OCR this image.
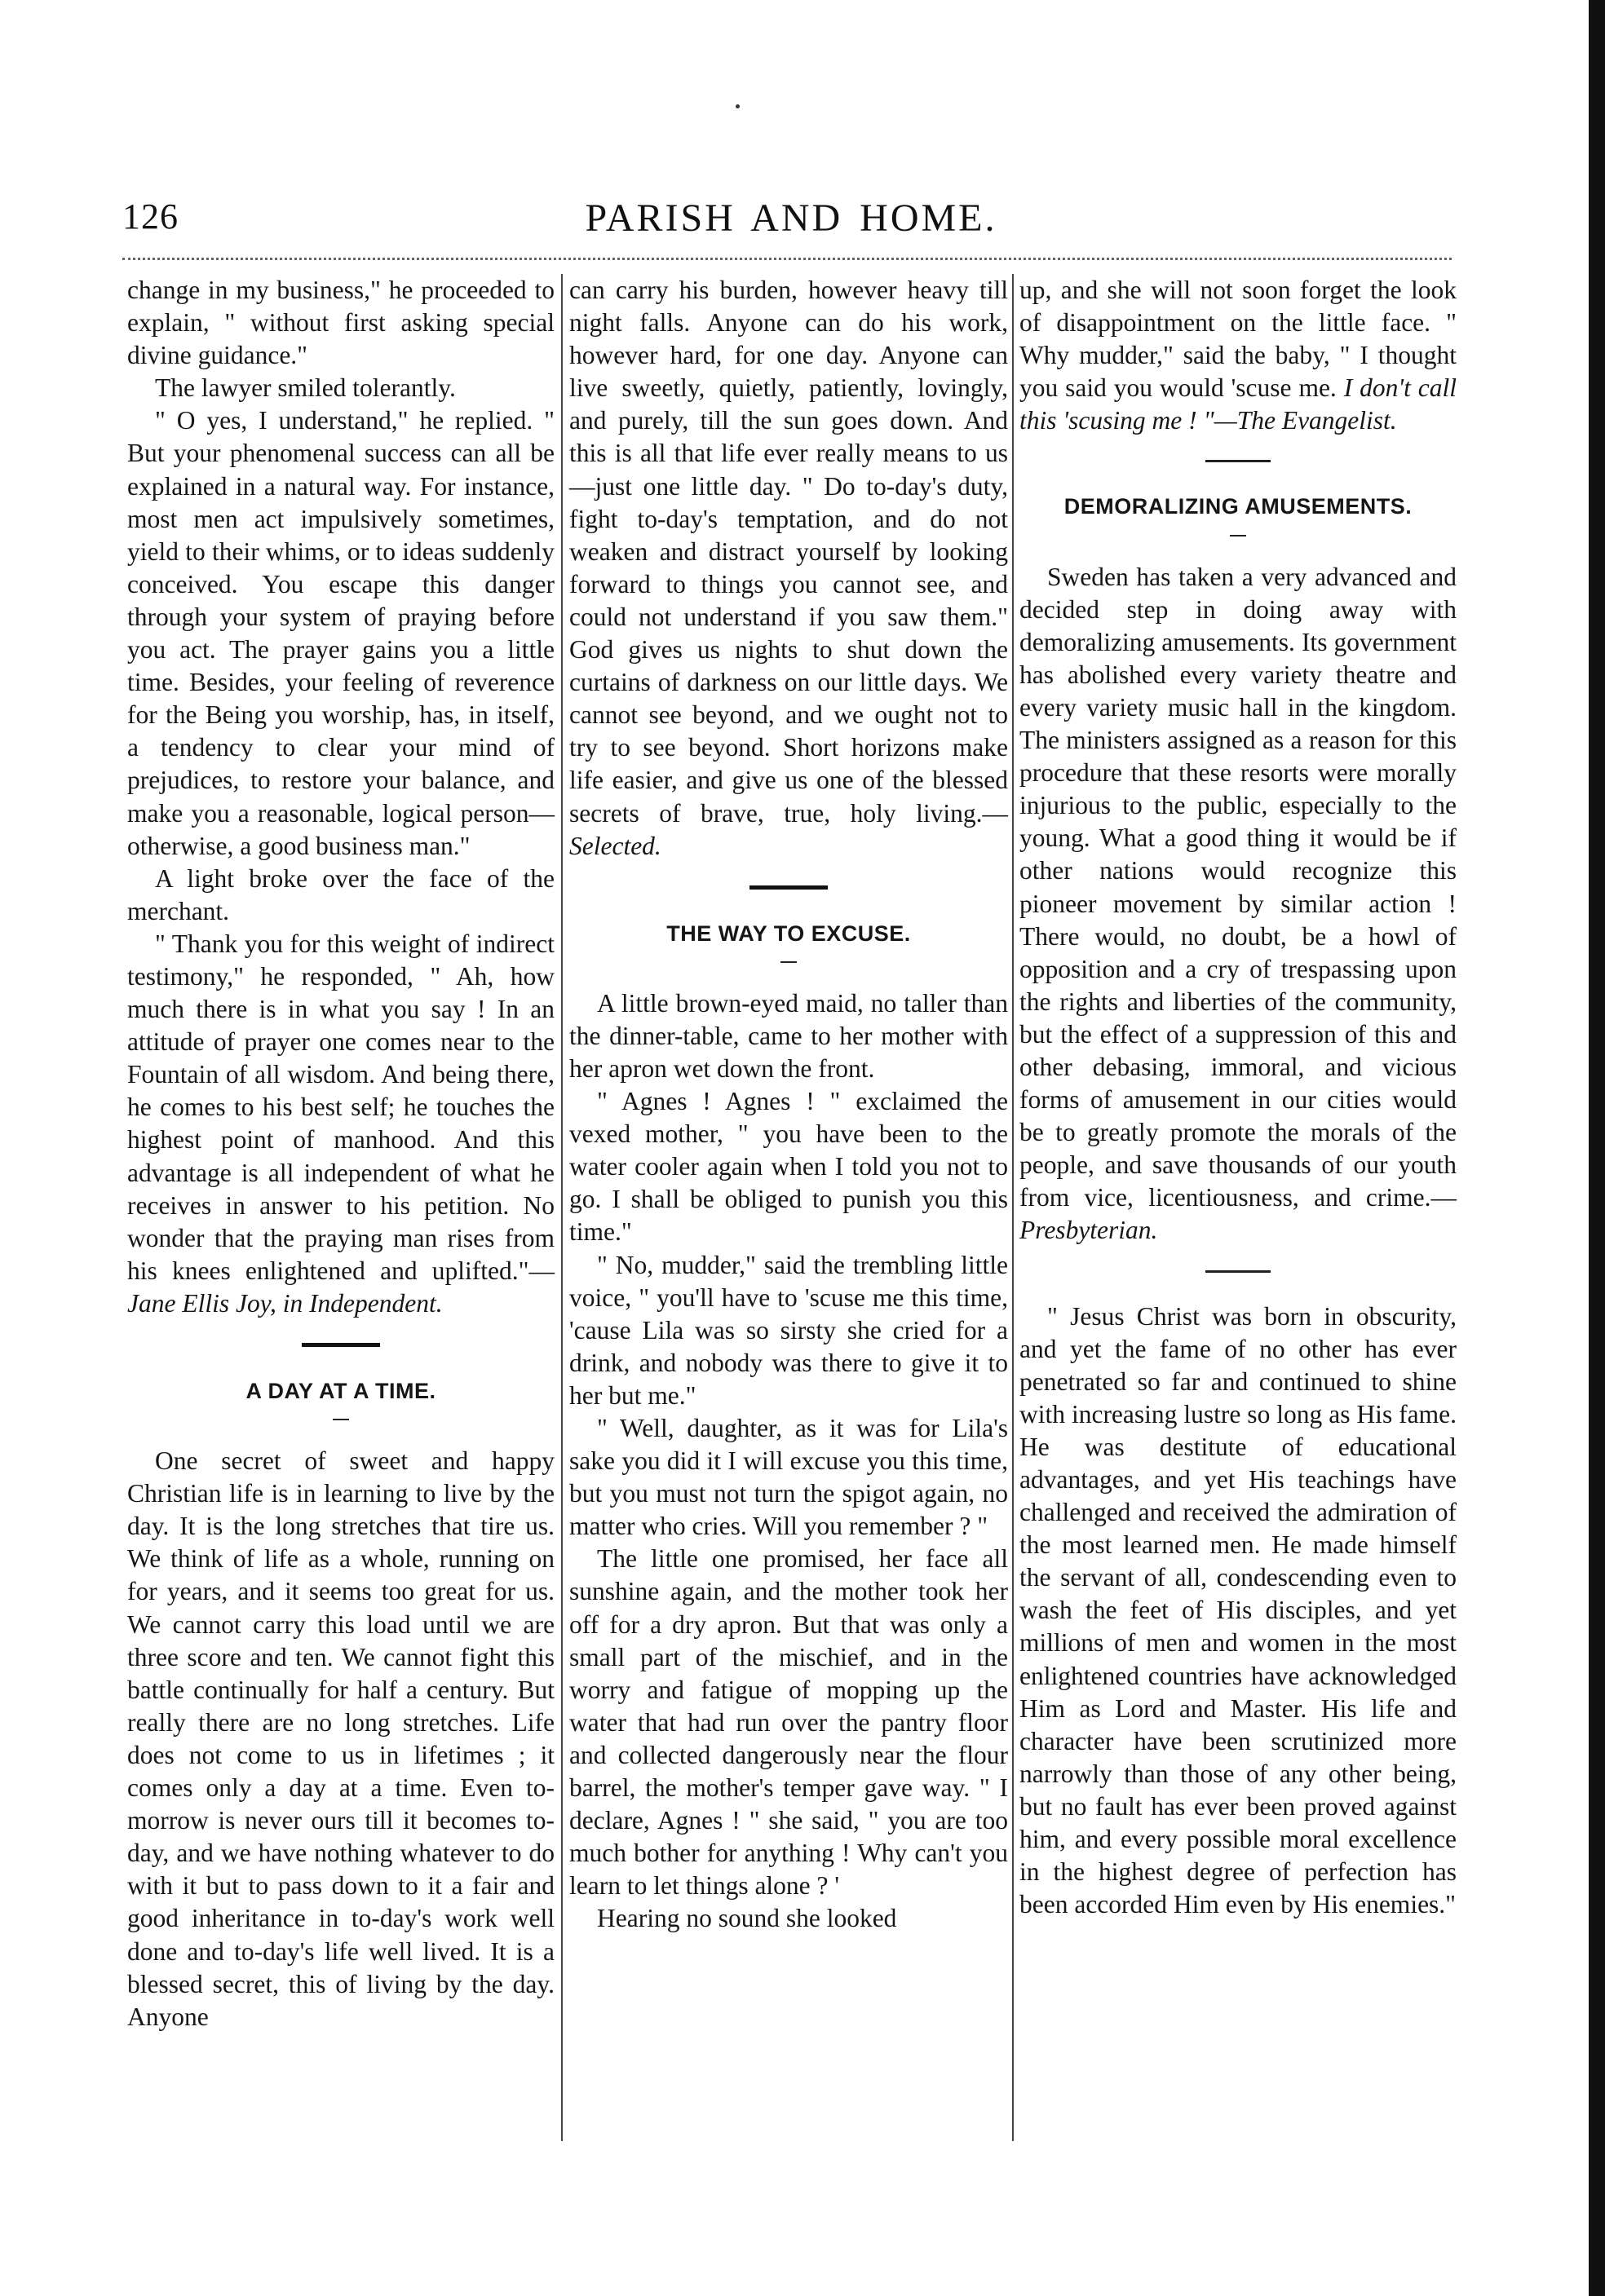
126	PARISH AND HOME.

change in my business," he proceeded to explain, " without first asking special divine guidance."

The lawyer smiled tolerantly.

" O yes, I understand," he replied. " But your phenomenal success can all be explained in a natural way. For instance, most men act impulsively sometimes, yield to their whims, or to ideas suddenly conceived. You escape this danger through your system of praying before you act. The prayer gains you a little time. Besides, your feeling of reverence for the Being you worship, has, in itself, a tendency to clear your mind of prejudices, to restore your balance, and make you a reasonable, logical person—otherwise, a good business man."

A light broke over the face of the merchant.

" Thank you for this weight of indirect testimony," he responded, " Ah, how much there is in what you say ! In an attitude of prayer one comes near to the Fountain of all wisdom. And being there, he comes to his best self; he touches the highest point of manhood. And this advantage is all independent of what he receives in answer to his petition. No wonder that the praying man rises from his knees enlightened and uplifted."—Jane Ellis Joy, in Independent.

A DAY AT A TIME.

One secret of sweet and happy Christian life is in learning to live by the day. It is the long stretches that tire us. We think of life as a whole, running on for years, and it seems too great for us. We cannot carry this load until we are three score and ten. We cannot fight this battle continually for half a century. But really there are no long stretches. Life does not come to us in lifetimes ; it comes only a day at a time. Even to-morrow is never ours till it becomes to-day, and we have nothing whatever to do with it but to pass down to it a fair and good inheritance in to-day's work well done and to-day's life well lived. It is a blessed secret, this of living by the day. Anyone

can carry his burden, however heavy till night falls. Anyone can do his work, however hard, for one day. Anyone can live sweetly, quietly, patiently, lovingly, and purely, till the sun goes down. And this is all that life ever really means to us—just one little day. " Do to-day's duty, fight to-day's temptation, and do not weaken and distract yourself by looking forward to things you cannot see, and could not understand if you saw them." God gives us nights to shut down the curtains of darkness on our little days. We cannot see beyond, and we ought not to try to see beyond. Short horizons make life easier, and give us one of the blessed secrets of brave, true, holy living.—Selected.

THE WAY TO EXCUSE.

A little brown-eyed maid, no taller than the dinner-table, came to her mother with her apron wet down the front.

" Agnes ! Agnes ! " exclaimed the vexed mother, " you have been to the water cooler again when I told you not to go. I shall be obliged to punish you this time."

" No, mudder," said the trembling little voice, " you'll have to 'scuse me this time, 'cause Lila was so sirsty she cried for a drink, and nobody was there to give it to her but me."

" Well, daughter, as it was for Lila's sake you did it I will excuse you this time, but you must not turn the spigot again, no matter who cries. Will you remember ? "

The little one promised, her face all sunshine again, and the mother took her off for a dry apron. But that was only a small part of the mischief, and in the worry and fatigue of mopping up the water that had run over the pantry floor and collected dangerously near the flour barrel, the mother's temper gave way. " I declare, Agnes ! " she said, " you are too much bother for anything ! Why can't you learn to let things alone ? '

Hearing no sound she looked

up, and she will not soon forget the look of disappointment on the little face. " Why mudder," said the baby, " I thought you said you would 'scuse me. I don't call this 'scusing me ! "—The Evangelist.

DEMORALIZING AMUSEMENTS.

Sweden has taken a very advanced and decided step in doing away with demoralizing amusements. Its government has abolished every variety theatre and every variety music hall in the kingdom. The ministers assigned as a reason for this procedure that these resorts were morally injurious to the public, especially to the young. What a good thing it would be if other nations would recognize this pioneer movement by similar action ! There would, no doubt, be a howl of opposition and a cry of trespassing upon the rights and liberties of the community, but the effect of a suppression of this and other debasing, immoral, and vicious forms of amusement in our cities would be to greatly promote the morals of the people, and save thousands of our youth from vice, licentiousness, and crime.—Presbyterian.

" Jesus Christ was born in obscurity, and yet the fame of no other has ever penetrated so far and continued to shine with increasing lustre so long as His fame. He was destitute of educational advantages, and yet His teachings have challenged and received the admiration of the most learned men. He made himself the servant of all, condescending even to wash the feet of His disciples, and yet millions of men and women in the most enlightened countries have acknowledged Him as Lord and Master. His life and character have been scrutinized more narrowly than those of any other being, but no fault has ever been proved against him, and every possible moral excellence in the highest degree of perfection has been accorded Him even by His enemies."
